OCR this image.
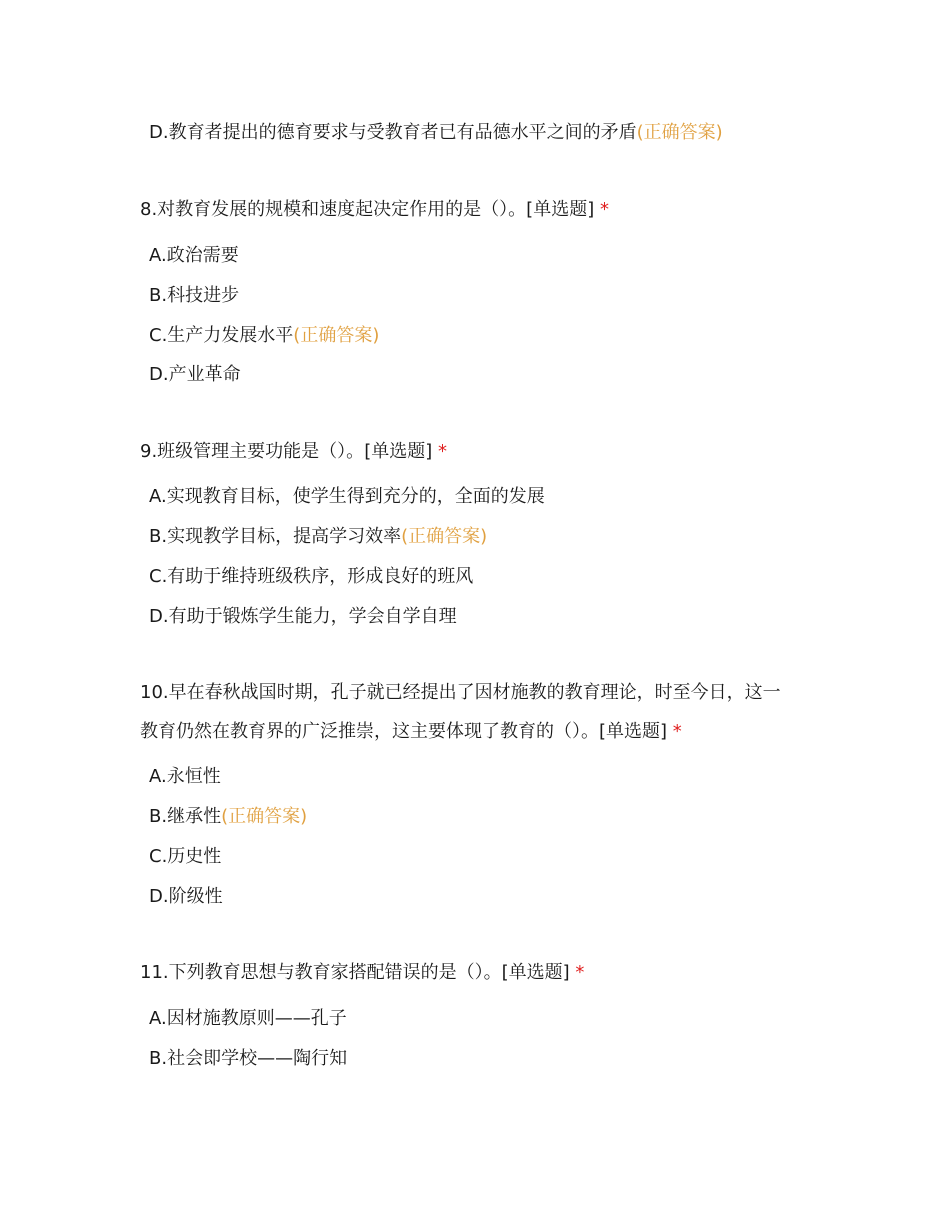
D.教育者提出的德育要求与受教育者已有品德水平之间的矛盾(正确答案)
8.对教育发展的规模和速度起决定作用的是（）。[单选题] *
A.政治需要
B.科技进步
C.生产力发展水平(正确答案)
D.产业革命
9.班级管理主要功能是（）。[单选题] *
A.实现教育目标，使学生得到充分的，全面的发展
B.实现教学目标，提高学习效率(正确答案)
C.有助于维持班级秩序，形成良好的班风
D.有助于锻炼学生能力，学会自学自理
10.早在春秋战国时期，孔子就已经提出了因材施教的教育理论，时至今日，这一
教育仍然在教育界的广泛推崇，这主要体现了教育的（）。[单选题] *
A.永恒性
B.继承性(正确答案)
C.历史性
D.阶级性
11.下列教育思想与教育家搭配错误的是（）。[单选题] *
A.因材施教原则——孔子
B.社会即学校——陶行知
